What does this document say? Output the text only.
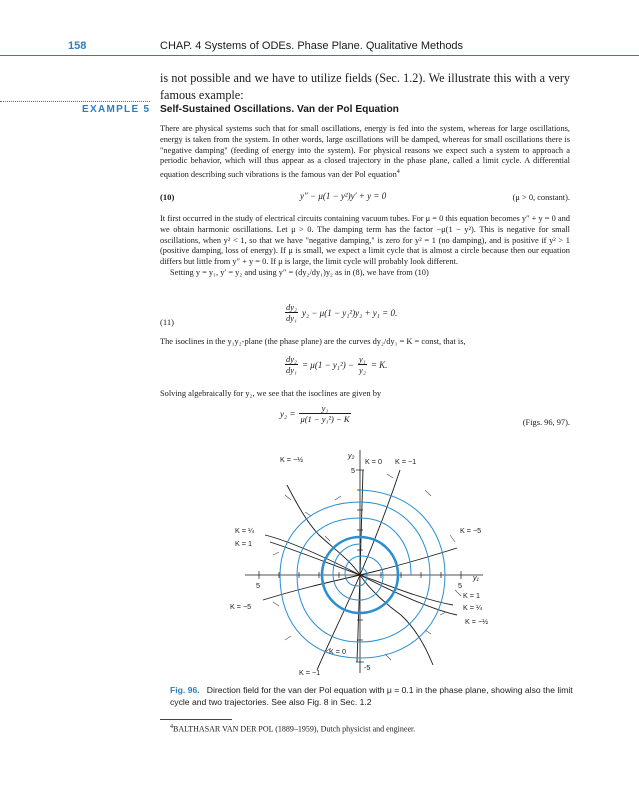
158	CHAP. 4 Systems of ODEs. Phase Plane. Qualitative Methods
is not possible and we have to utilize fields (Sec. 1.2). We illustrate this with a very famous example:
EXAMPLE 5 Self-Sustained Oscillations. Van der Pol Equation
There are physical systems such that for small oscillations, energy is fed into the system, whereas for large oscillations, energy is taken from the system. In other words, large oscillations will be damped, whereas for small oscillations there is "negative damping" (feeding of energy into the system). For physical reasons we expect such a system to approach a periodic behavior, which will thus appear as a closed trajectory in the phase plane, called a limit cycle. A differential equation describing such vibrations is the famous van der Pol equation$^4$
(10)	y″ − μ(1 − y²)y′ + y = 0	(μ > 0, constant).
It first occurred in the study of electrical circuits containing vacuum tubes. For μ = 0 this equation becomes y″ + y = 0 and we obtain harmonic oscillations. Let μ > 0. The damping term has the factor −μ(1 − y²). This is negative for small oscillations, when y² < 1, so that we have "negative damping," is zero for y² = 1 (no damping), and is positive if y² > 1 (positive damping, loss of energy). If μ is small, we expect a limit cycle that is almost a circle because then our equation differs but little from y″ + y = 0. If μ is large, the limit cycle will probably look different.
Setting y = y₁, y′ = y₂ and using y″ = (dy₂/dy₁)y₂ as in (8), we have from (10)
(11)	$\frac{\text{dy₂}}{\text{dy₁}} y_2 - \mu(1 - y_1^2)y_2 + y_1 = 0$.
The isoclines in the y₁y₂-plane (the phase plane) are the curves dy₂/dy₁ = K = const, that is,
$\frac{\text{dy₂}}{\text{dy₁}} = \mu(1 - y_1^2) - \frac{\text{y₁}}{\text{y₂}} = K$.
Solving algebraically for y₂, we see that the isoclines are given by
$y_2 = \frac{\text{y₁}}{\text{μ(1 − y₁²) − K}}$	(Figs. 96, 97).
y₂
y₁
5
5	5
-5
K = −½	K = 0 K = −1
K = ¼
K = 1
K = −5
K = −5
K = 1
K = ¼
K = −½
K = 0
K = −1
Fig. 96. Direction field for the van der Pol equation with μ = 0.1 in the phase plane, showing also the limit cycle and two trajectories. See also Fig. 8 in Sec. 1.2
$^4$BALTHASAR VAN DER POL (1889–1959), Dutch physicist and engineer.
